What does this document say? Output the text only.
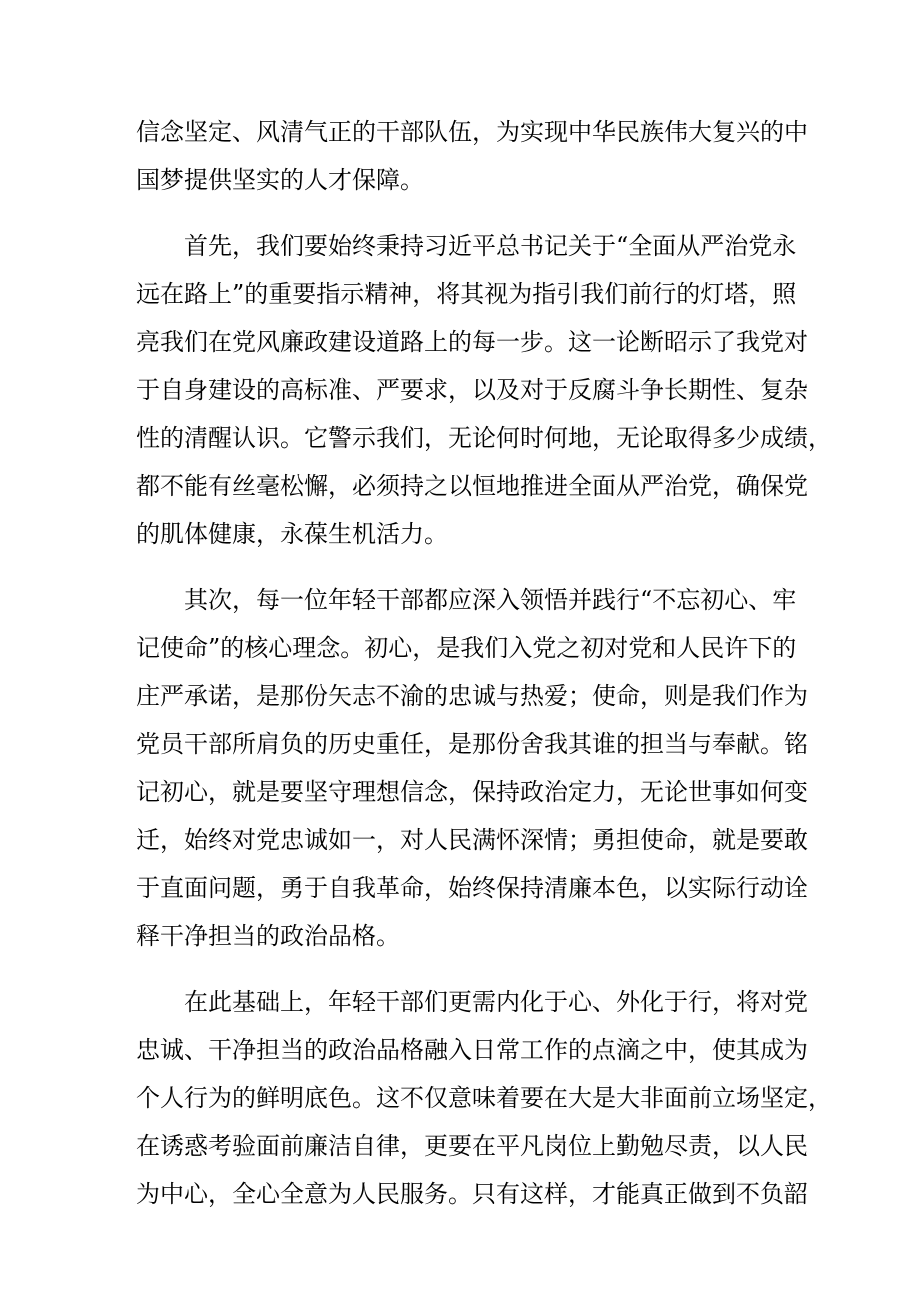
信念坚定、风清气正的干部队伍，为实现中华民族伟大复兴的中
国梦提供坚实的人才保障。
首先，我们要始终秉持习近平总书记关于“全面从严治党永
远在路上”的重要指示精神，将其视为指引我们前行的灯塔，照
亮我们在党风廉政建设道路上的每一步。这一论断昭示了我党对
于自身建设的高标准、严要求，以及对于反腐斗争长期性、复杂
性的清醒认识。它警示我们，无论何时何地，无论取得多少成绩，
都不能有丝毫松懈，必须持之以恒地推进全面从严治党，确保党
的肌体健康，永葆生机活力。
其次，每一位年轻干部都应深入领悟并践行“不忘初心、牢
记使命”的核心理念。初心，是我们入党之初对党和人民许下的
庄严承诺，是那份矢志不渝的忠诚与热爱；使命，则是我们作为
党员干部所肩负的历史重任，是那份舍我其谁的担当与奉献。铭
记初心，就是要坚守理想信念，保持政治定力，无论世事如何变
迁，始终对党忠诚如一，对人民满怀深情；勇担使命，就是要敢
于直面问题，勇于自我革命，始终保持清廉本色，以实际行动诠
释干净担当的政治品格。
在此基础上，年轻干部们更需内化于心、外化于行，将对党
忠诚、干净担当的政治品格融入日常工作的点滴之中，使其成为
个人行为的鲜明底色。这不仅意味着要在大是大非面前立场坚定，
在诱惑考验面前廉洁自律，更要在平凡岗位上勤勉尽责，以人民
为中心，全心全意为人民服务。只有这样，才能真正做到不负韶
